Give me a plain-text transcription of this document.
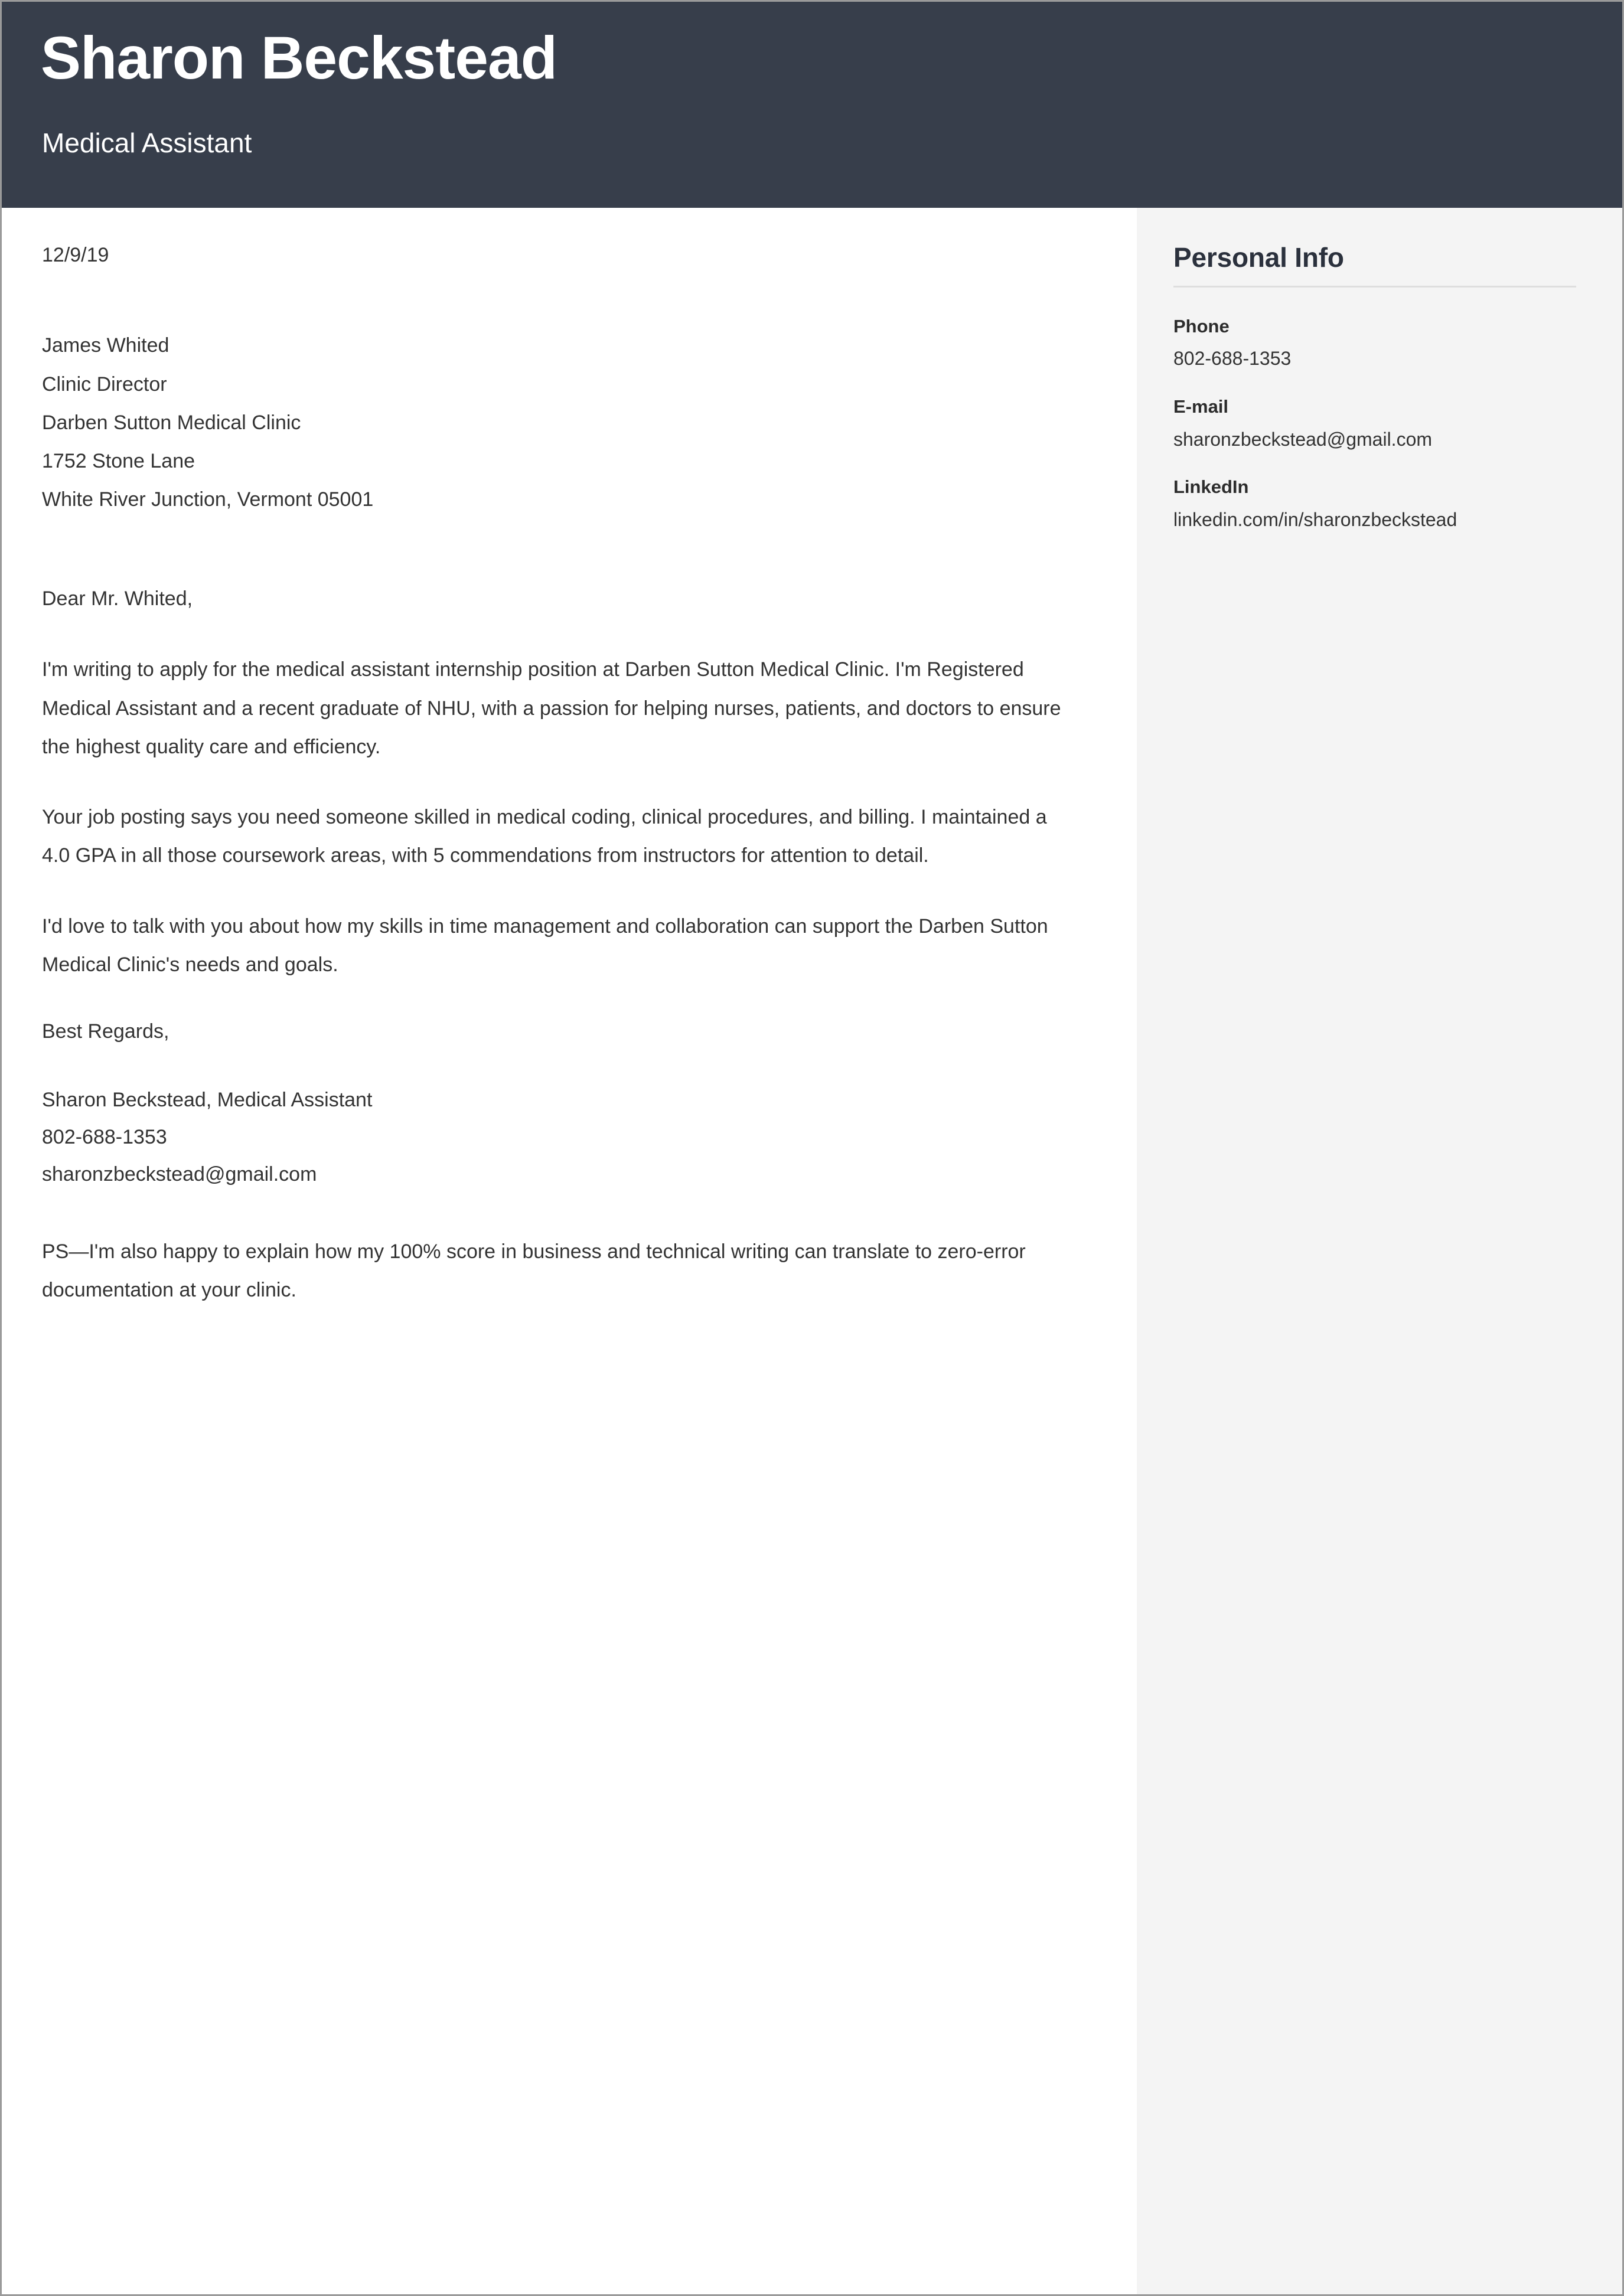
Sharon Beckstead
Medical Assistant
12/9/19
James Whited
Clinic Director
Darben Sutton Medical Clinic
1752 Stone Lane
White River Junction, Vermont 05001
Dear Mr. Whited,

I'm writing to apply for the medical assistant internship position at Darben Sutton Medical Clinic. I'm Registered Medical Assistant and a recent graduate of NHU, with a passion for helping nurses, patients, and doctors to ensure the highest quality care and efficiency.

Your job posting says you need someone skilled in medical coding, clinical procedures, and billing. I maintained a 4.0 GPA in all those coursework areas, with 5 commendations from instructors for attention to detail.

I'd love to talk with you about how my skills in time management and collaboration can support the Darben Sutton Medical Clinic's needs and goals.

Best Regards,
Sharon Beckstead, Medical Assistant
802-688-1353
sharonzbeckstead@gmail.com

PS—I'm also happy to explain how my 100% score in business and technical writing can translate to zero-error documentation at your clinic.

Personal Info
Phone
802-688-1353
E-mail
sharonzbeckstead@gmail.com
LinkedIn
linkedin.com/in/sharonzbeckstead
